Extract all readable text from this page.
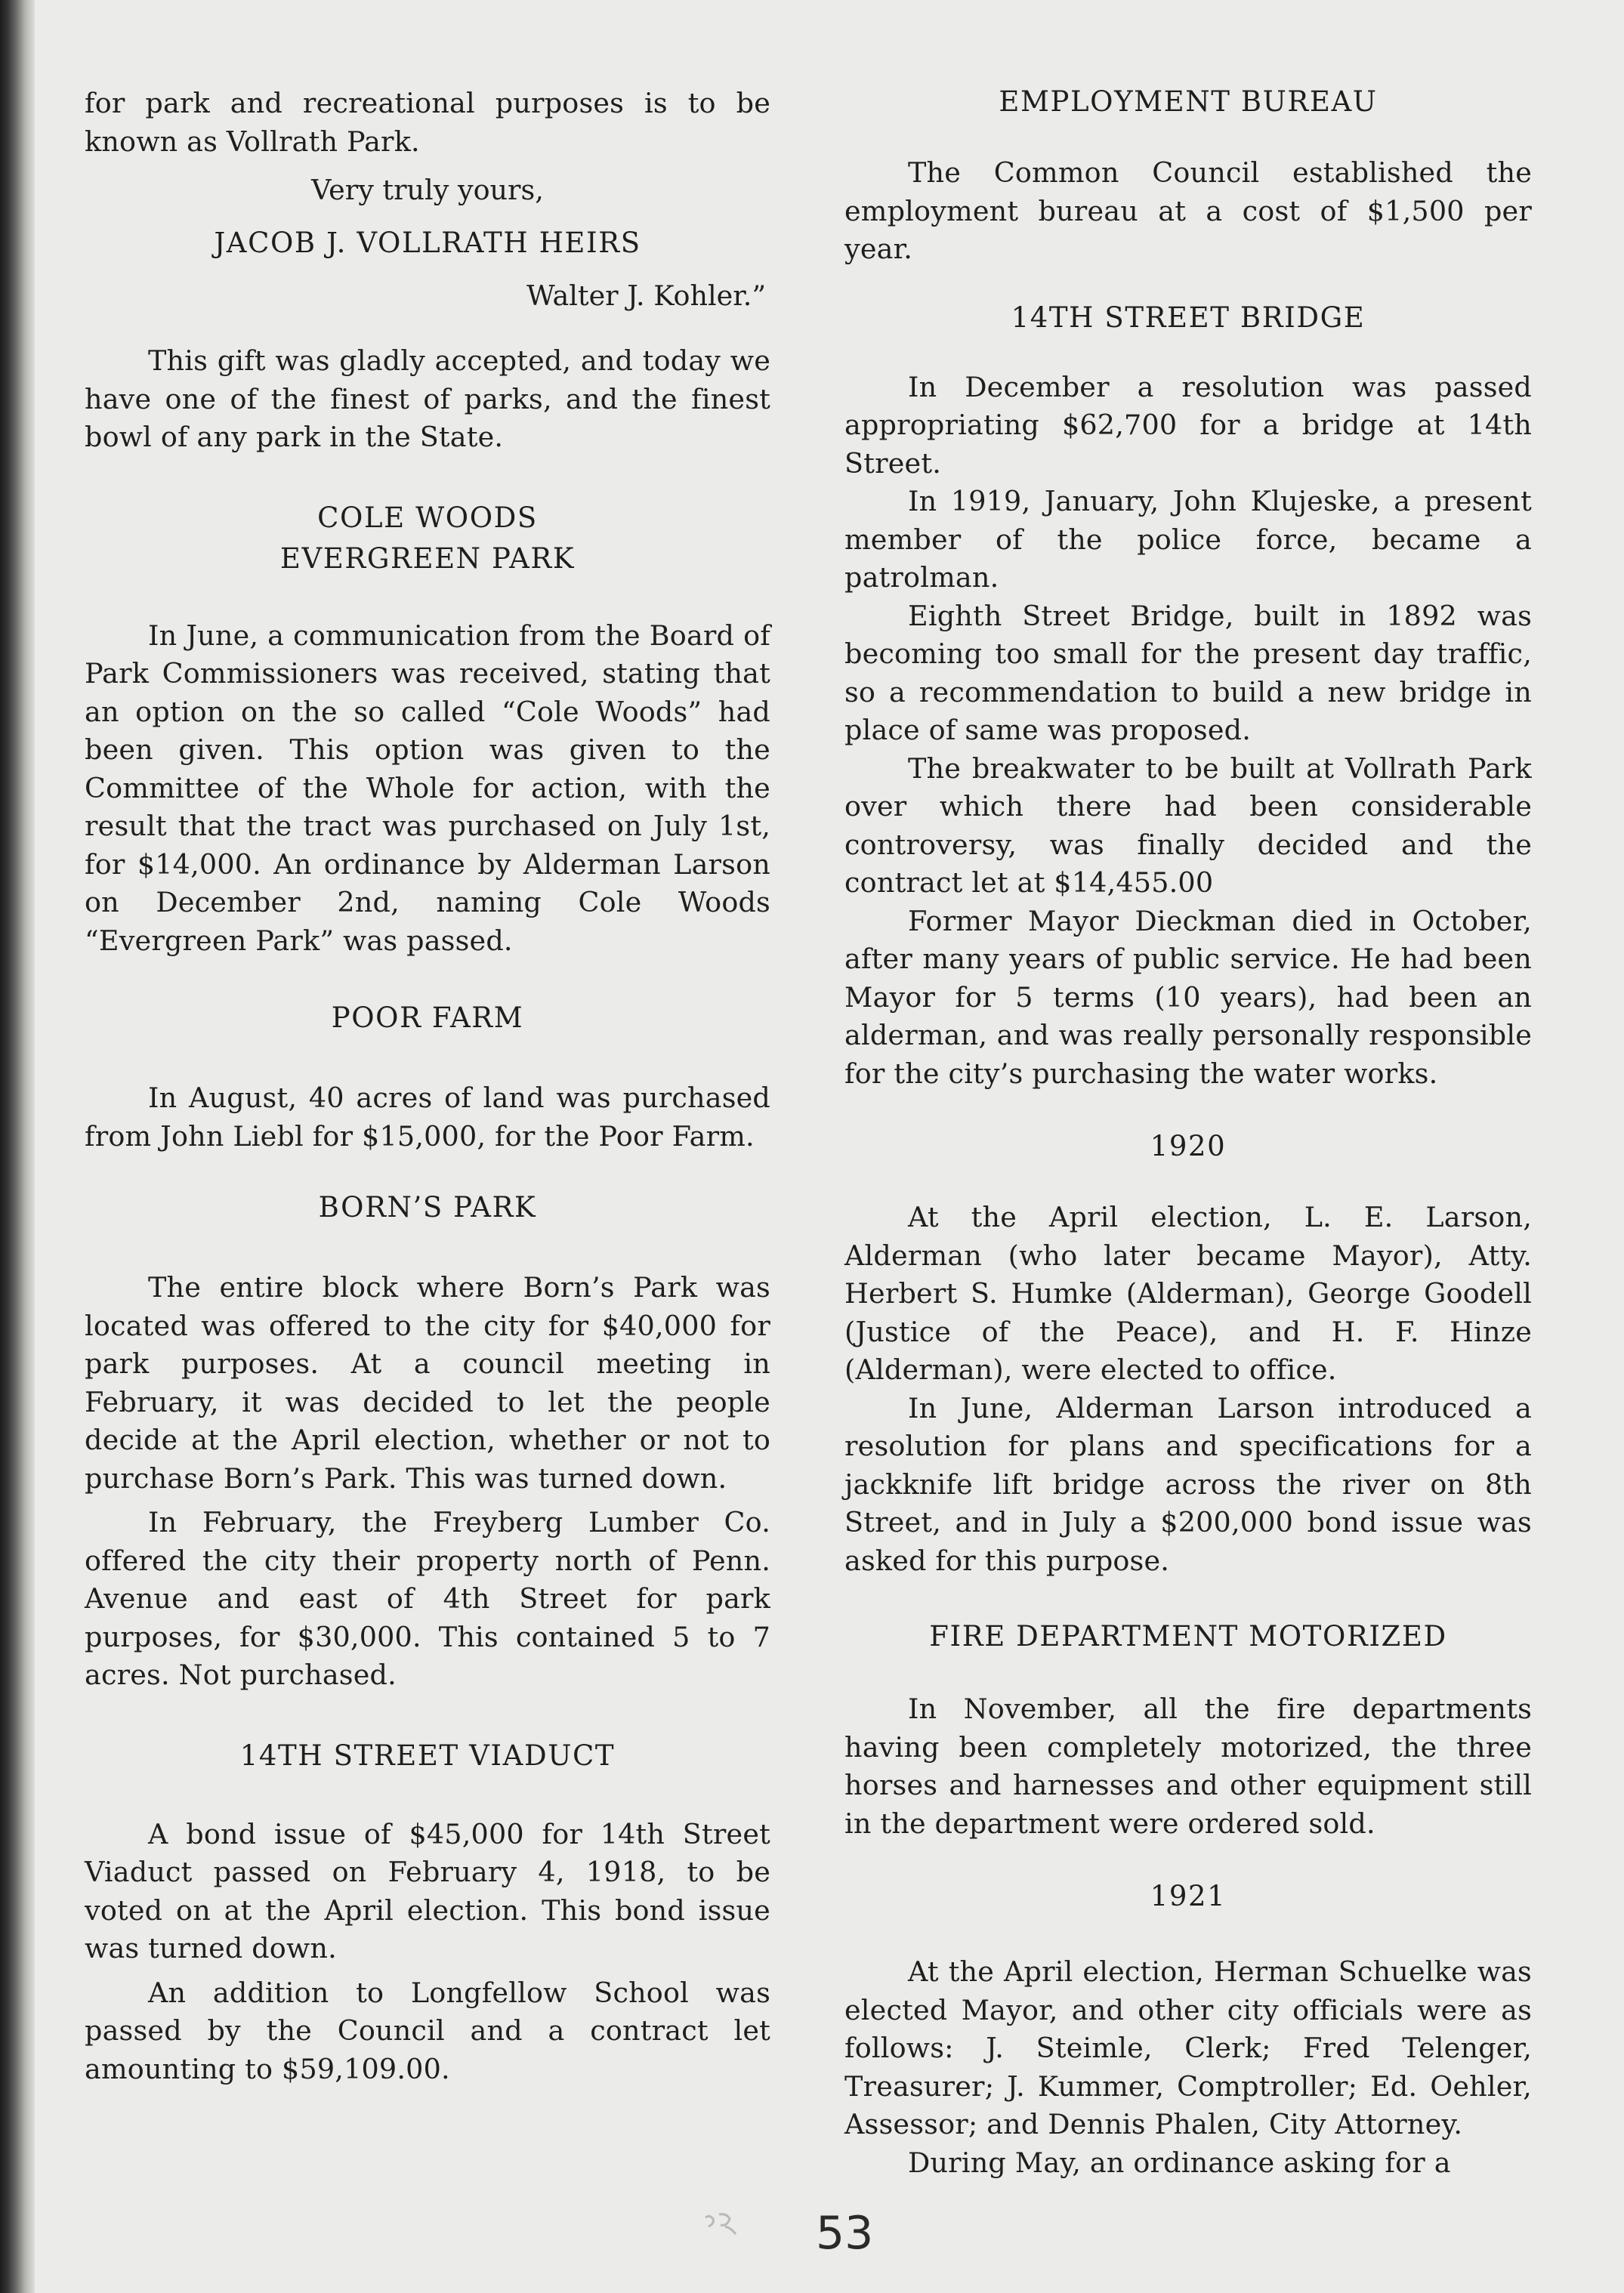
for park and recreational purposes is to be known as Vollrath Park.

Very truly yours,
JACOB J. VOLLRATH HEIRS
Walter J. Kohler.”

This gift was gladly accepted, and today we have one of the finest of parks, and the finest bowl of any park in the State.

COLE WOODS
EVERGREEN PARK

In June, a communication from the Board of Park Commissioners was received, stating that an option on the so called “Cole Woods” had been given. This option was given to the Committee of the Whole for action, with the result that the tract was purchased on July 1st, for $14,000. An ordinance by Alderman Larson on December 2nd, naming Cole Woods “Evergreen Park” was passed.

POOR FARM

In August, 40 acres of land was purchased from John Liebl for $15,000, for the Poor Farm.

BORN’S PARK

The entire block where Born’s Park was located was offered to the city for $40,000 for park purposes. At a council meeting in February, it was decided to let the people decide at the April election, whether or not to purchase Born’s Park. This was turned down.

In February, the Freyberg Lumber Co. offered the city their property north of Penn. Avenue and east of 4th Street for park purposes, for $30,000. This contained 5 to 7 acres. Not purchased.

14TH STREET VIADUCT

A bond issue of $45,000 for 14th Street Viaduct passed on February 4, 1918, to be voted on at the April election. This bond issue was turned down.

An addition to Longfellow School was passed by the Council and a contract let amounting to $59,109.00.

EMPLOYMENT BUREAU

The Common Council established the employment bureau at a cost of $1,500 per year.

14TH STREET BRIDGE

In December a resolution was passed appropriating $62,700 for a bridge at 14th Street.

In 1919, January, John Klujeske, a present member of the police force, became a patrolman.

Eighth Street Bridge, built in 1892 was becoming too small for the present day traffic, so a recommendation to build a new bridge in place of same was proposed.

The breakwater to be built at Vollrath Park over which there had been considerable controversy, was finally decided and the contract let at $14,455.00

Former Mayor Dieckman died in October, after many years of public service. He had been Mayor for 5 terms (10 years), had been an alderman, and was really personally responsible for the city’s purchasing the water works.

1920

At the April election, L. E. Larson, Alderman (who later became Mayor), Atty. Herbert S. Humke (Alderman), George Goodell (Justice of the Peace), and H. F. Hinze (Alderman), were elected to office.

In June, Alderman Larson introduced a resolution for plans and specifications for a jackknife lift bridge across the river on 8th Street, and in July a $200,000 bond issue was asked for this purpose.

FIRE DEPARTMENT MOTORIZED

In November, all the fire departments having been completely motorized, the three horses and harnesses and other equipment still in the department were ordered sold.

1921

At the April election, Herman Schuelke was elected Mayor, and other city officials were as follows: J. Steimle, Clerk; Fred Telenger, Treasurer; J. Kummer, Comptroller; Ed. Oehler, Assessor; and Dennis Phalen, City Attorney.

During May, an ordinance asking for a

53
